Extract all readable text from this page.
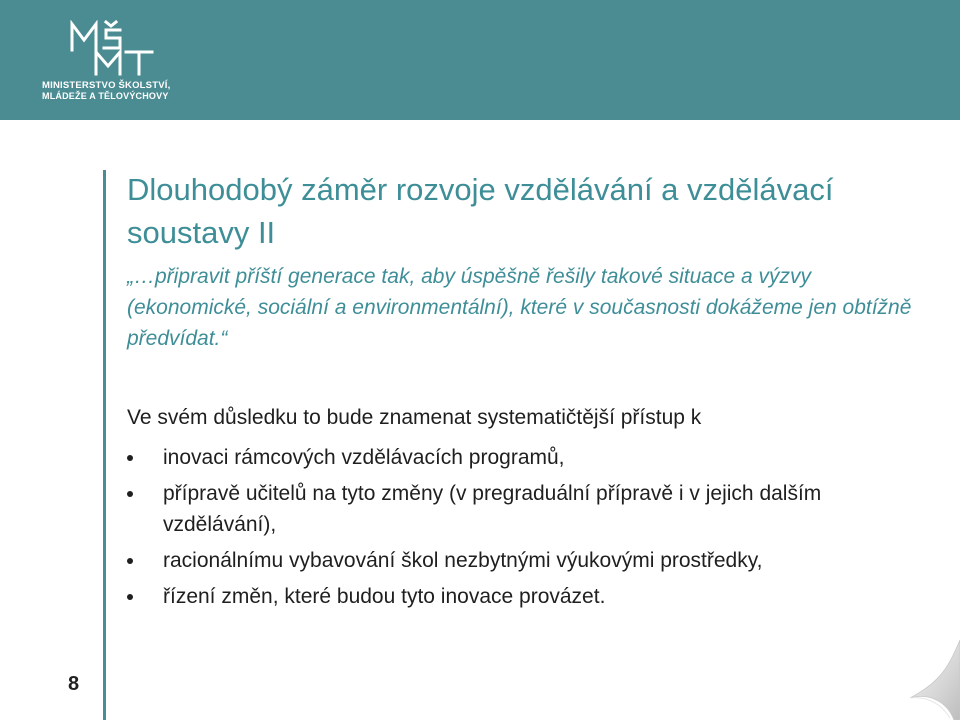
MINISTERSTVO ŠKOLSTVÍ,
MLÁDEŽE A TĚLOVÝCHOVY
8
Dlouhodobý záměr rozvoje vzdělávání a vzdělávací soustavy II

„…připravit příští generace tak, aby úspěšně řešily takové situace a výzvy (ekonomické, sociální a environmentální), které v současnosti dokážeme jen obtížně předvídat.“

Ve svém důsledku to bude znamenat systematičtější přístup k
inovaci rámcových vzdělávacích programů,
přípravě učitelů na tyto změny (v pregraduální přípravě i v jejich dalším vzdělávání),
racionálnímu vybavování škol nezbytnými výukovými prostředky,
řízení změn, které budou tyto inovace provázet.
